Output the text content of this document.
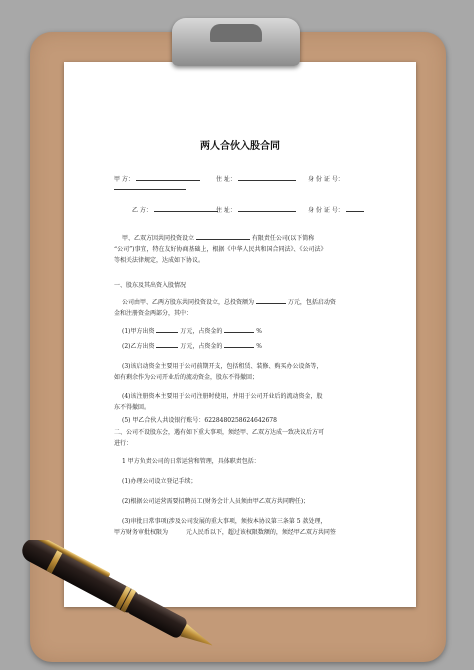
两人合伙入股合同
甲 方：	住 址：	身 份 证 号：
乙 方：	住 址：	身 份 证 号：
甲、乙双方因共同投资设立	有限责任公司(以下简称
“公司”)事宜，特在友好协商基础上，根据《中华人民共和国合同法》、《公司法》
等相关法律规定，达成如下协议。
一、股东及其出资入股情况
公司由甲、乙两方股东共同投资设立，总投资额为	万元，包括启动资
金和注册资金两部分，其中：
(1)甲方出资	万元，占资金的	%
(2)乙方出资	万元，占资金的	%
(3)该启动资金主要用于公司前期开支，包括租赁、装修、购买办公设备等，
如有剩余作为公司开业后的流动资金，股东不得撤回；
(4)该注册资本主要用于公司注册时使用，并用于公司开业后的流动资金，股
东不得撤回。
(5) 甲乙合伙人共设银行账号：6228480258624642678
二、公司不设股东会，遇有如下重大事项，须经甲、乙双方达成一致决议后方可
进行：
1 甲方负责公司的日常运营和管理，具体职责包括：
(1)办理公司设立登记手续；
(2)根据公司运营需要招聘员工(财务会计人员须由甲乙双方共同聘任)；
(3)审批日常事项(涉及公司发展的重大事项，须按本协议第三条第 5 款处理，
甲方财务审批权限为	元人民币以下，超过该权限数额的，须经甲乙双方共同签
